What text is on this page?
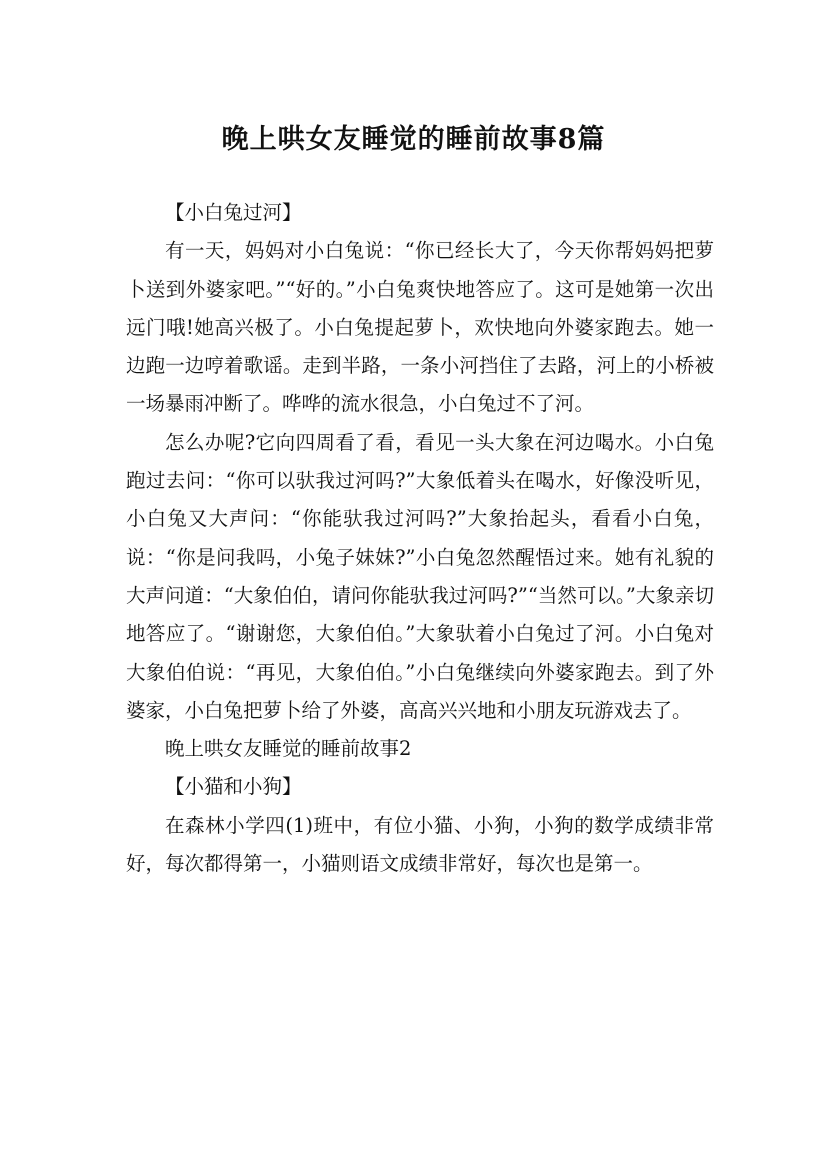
晚上哄女友睡觉的睡前故事8篇

【小白兔过河】

有一天，妈妈对小白兔说：“你已经长大了，今天你帮妈妈把萝卜送到外婆家吧。”“好的。”小白兔爽快地答应了。这可是她第一次出远门哦!她高兴极了。小白兔提起萝卜，欢快地向外婆家跑去。她一边跑一边哼着歌谣。走到半路，一条小河挡住了去路，河上的小桥被一场暴雨冲断了。哗哗的流水很急，小白兔过不了河。

怎么办呢?它向四周看了看，看见一头大象在河边喝水。小白兔跑过去问：“你可以驮我过河吗?”大象低着头在喝水，好像没听见，小白兔又大声问：“你能驮我过河吗?”大象抬起头，看看小白兔，说：“你是问我吗，小兔子妹妹?”小白兔忽然醒悟过来。她有礼貌的大声问道：“大象伯伯，请问你能驮我过河吗?”“当然可以。”大象亲切地答应了。“谢谢您，大象伯伯。”大象驮着小白兔过了河。小白兔对大象伯伯说：“再见，大象伯伯。”小白兔继续向外婆家跑去。到了外婆家，小白兔把萝卜给了外婆，高高兴兴地和小朋友玩游戏去了。

晚上哄女友睡觉的睡前故事2

【小猫和小狗】

在森林小学四(1)班中，有位小猫、小狗，小狗的数学成绩非常好，每次都得第一，小猫则语文成绩非常好，每次也是第一。
